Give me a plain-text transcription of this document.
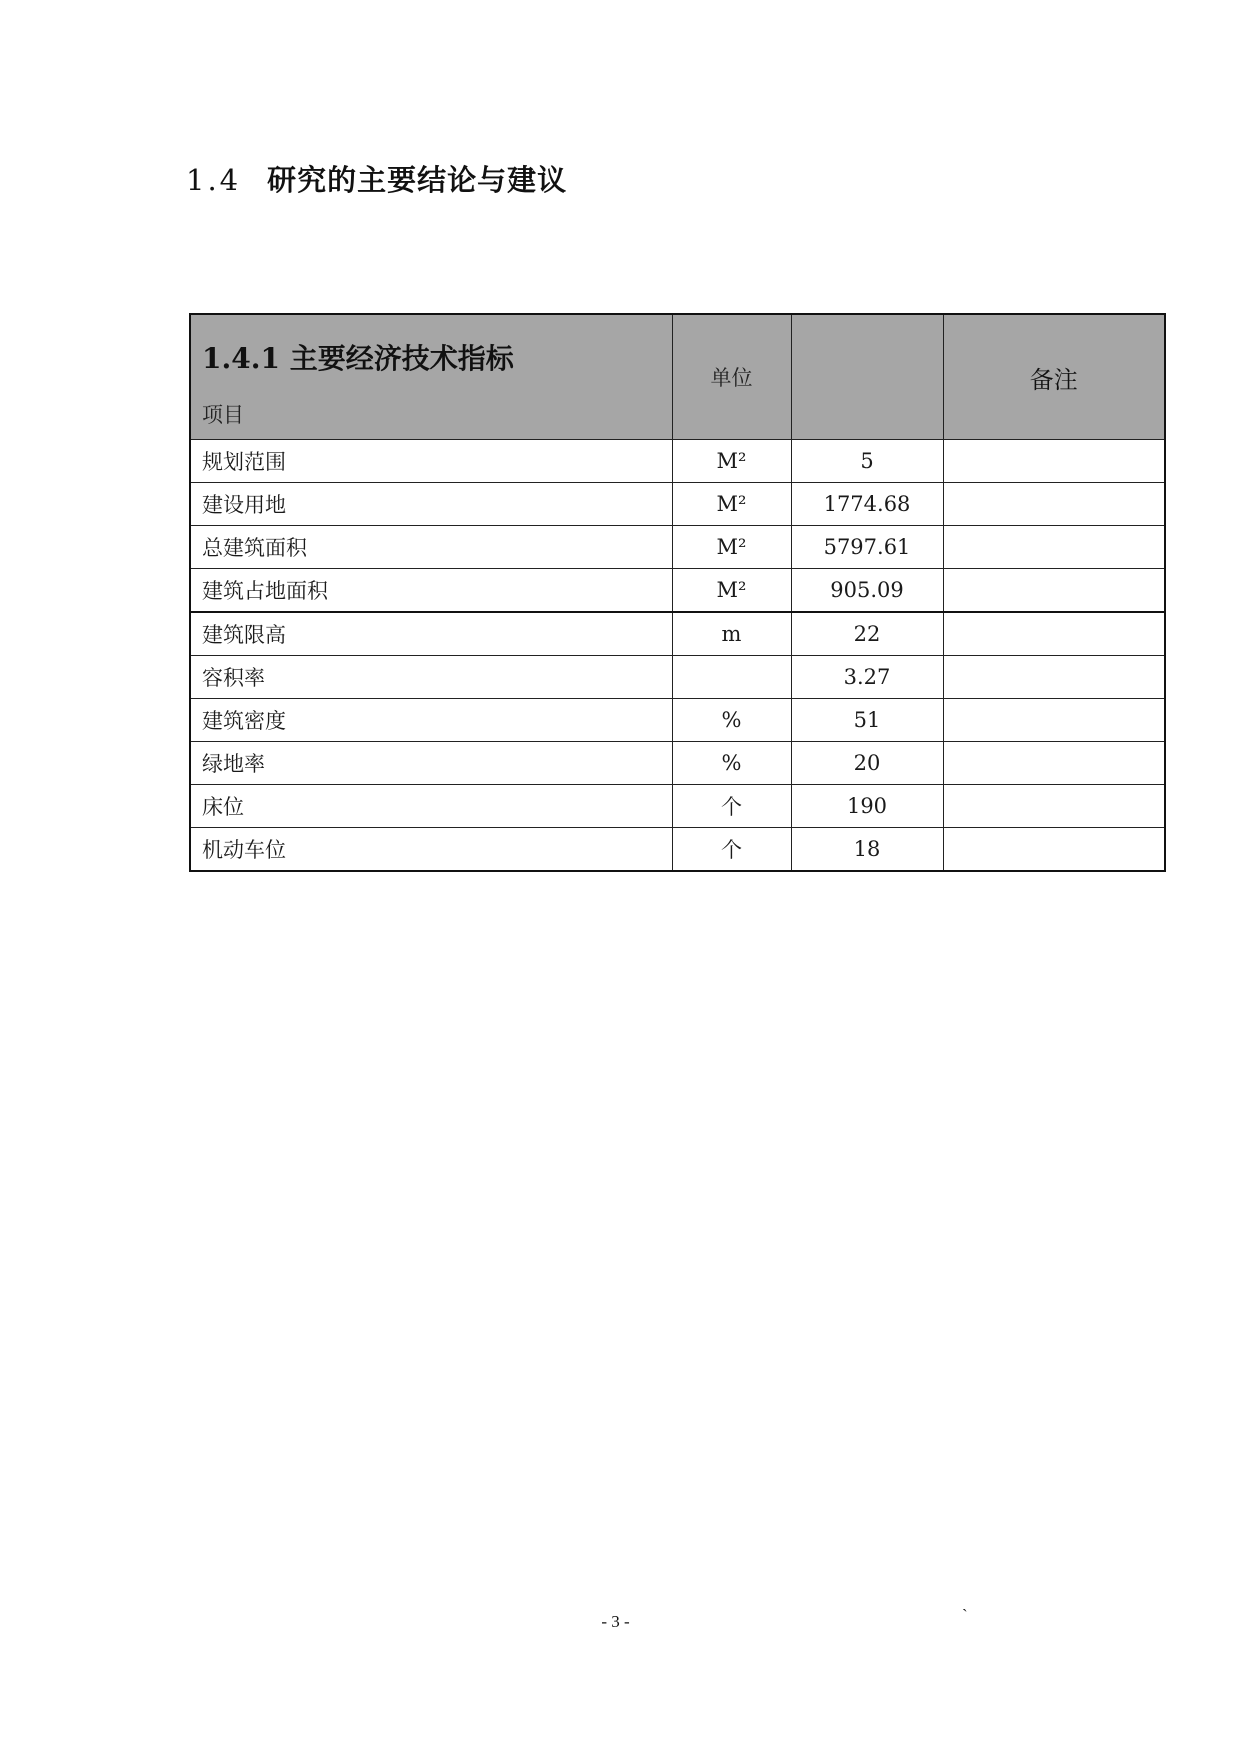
1.4 研究的主要结论与建议
1.4.1 主要经济技术指标
项目	单位		备注
规划范围	M²	5	
建设用地	M²	1774.68	
总建筑面积	M²	5797.61	
建筑占地面积	M²	905.09	
建筑限高	m	22	
容积率		3.27	
建筑密度	%	51	
绿地率	%	20	
床位	个	190	
机动车位	个	18	
- 3 -	`
